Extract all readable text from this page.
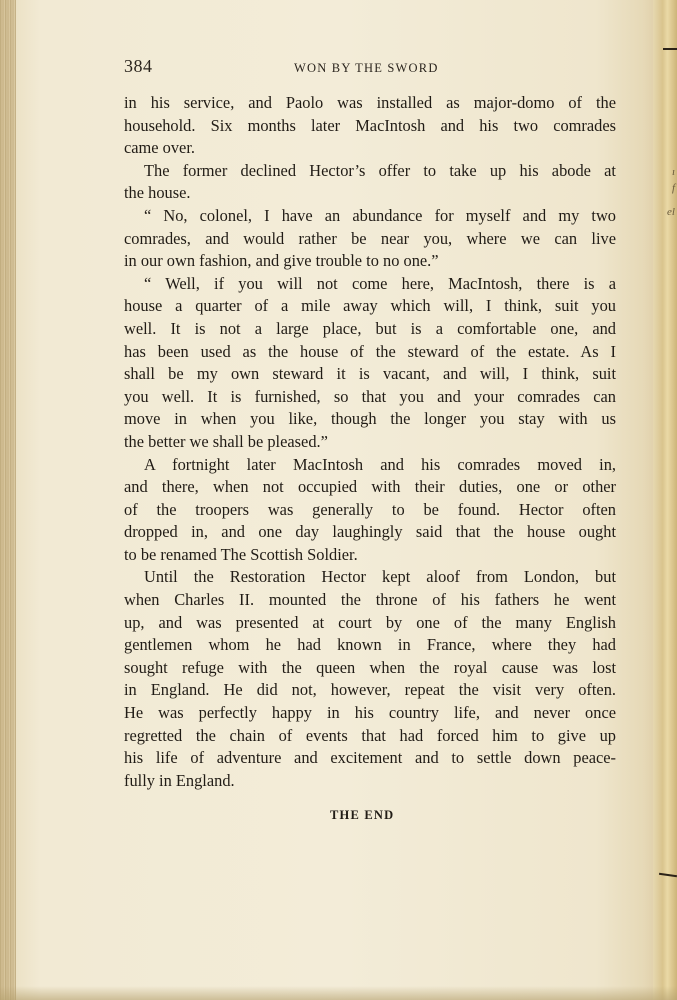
ı
f
el
384	WON BY THE SWORD
in his service, and Paolo was installed as major-domo of the
household. Six months later MacIntosh and his two comrades
came over.
The former declined Hector’s offer to take up his abode at
the house.
“ No, colonel, I have an abundance for myself and my two
comrades, and would rather be near you, where we can live
in our own fashion, and give trouble to no one.”
“ Well, if you will not come here, MacIntosh, there is a
house a quarter of a mile away which will, I think, suit you
well. It is not a large place, but is a comfortable one, and
has been used as the house of the steward of the estate. As I
shall be my own steward it is vacant, and will, I think, suit
you well. It is furnished, so that you and your comrades can
move in when you like, though the longer you stay with us
the better we shall be pleased.”
A fortnight later MacIntosh and his comrades moved in,
and there, when not occupied with their duties, one or other
of the troopers was generally to be found. Hector often
dropped in, and one day laughingly said that the house ought
to be renamed The Scottish Soldier.
Until the Restoration Hector kept aloof from London, but
when Charles II. mounted the throne of his fathers he went
up, and was presented at court by one of the many English
gentlemen whom he had known in France, where they had
sought refuge with the queen when the royal cause was lost
in England. He did not, however, repeat the visit very often.
He was perfectly happy in his country life, and never once
regretted the chain of events that had forced him to give up
his life of adventure and excitement and to settle down peace-
fully in England.
THE END
